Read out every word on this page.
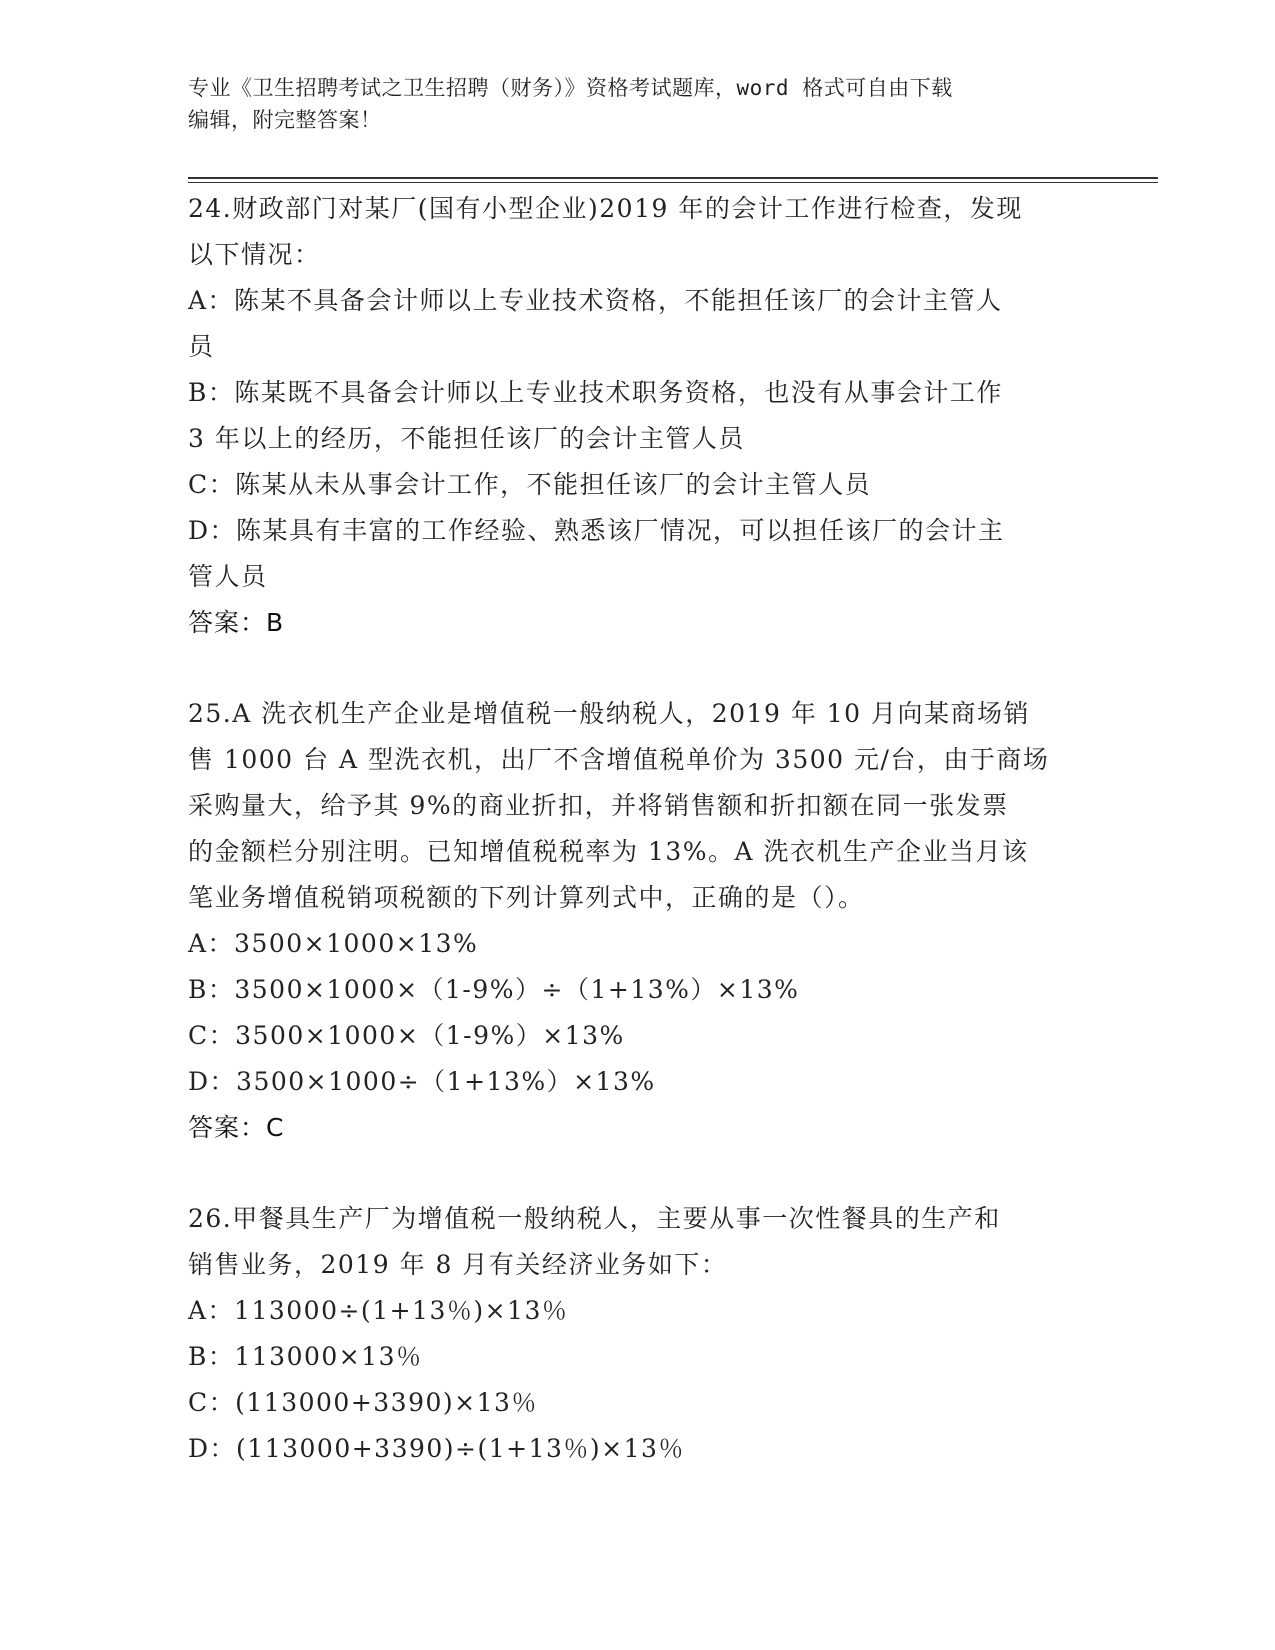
专业《卫生招聘考试之卫生招聘（财务）》资格考试题库，word 格式可自由下载
编辑，附完整答案！
24.财政部门对某厂(国有小型企业)2019 年的会计工作进行检查，发现
以下情况：
A：陈某不具备会计师以上专业技术资格，不能担任该厂的会计主管人
员
B：陈某既不具备会计师以上专业技术职务资格，也没有从事会计工作
3 年以上的经历，不能担任该厂的会计主管人员
C：陈某从未从事会计工作，不能担任该厂的会计主管人员
D：陈某具有丰富的工作经验、熟悉该厂情况，可以担任该厂的会计主
管人员
答案：B
25.A 洗衣机生产企业是增值税一般纳税人，2019 年 10 月向某商场销
售 1000 台 A 型洗衣机，出厂不含增值税单价为 3500 元/台，由于商场
采购量大，给予其 9%的商业折扣，并将销售额和折扣额在同一张发票
的金额栏分别注明。已知增值税税率为 13%。A 洗衣机生产企业当月该
笔业务增值税销项税额的下列计算列式中，正确的是（）。
A：3500×1000×13%
B：3500×1000×（1-9%）÷（1+13%）×13%
C：3500×1000×（1-9%）×13%
D：3500×1000÷（1+13%）×13%
答案：C
26.甲餐具生产厂为增值税一般纳税人，主要从事一次性餐具的生产和
销售业务，2019 年 8 月有关经济业务如下：
A：113000÷(1+13％)×13％
B：113000×13％
C：(113000+3390)×13％
D：(113000+3390)÷(1+13％)×13％
